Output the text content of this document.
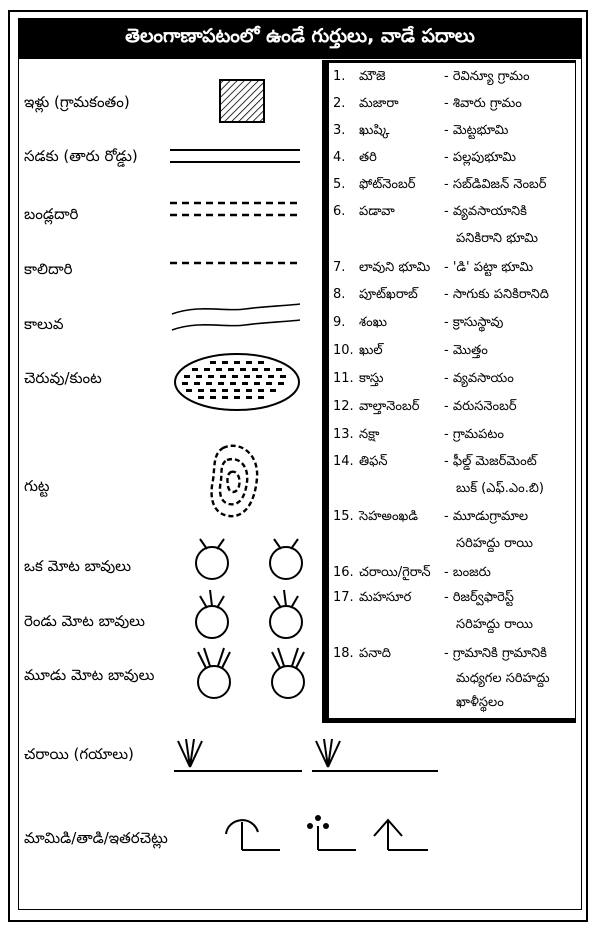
తెలంగాణాపటంలో ఉండే గుర్తులు, వాడే పదాలు
ఇళ్లు (గ్రామకంతం)
సడకు (తారు రోడ్డు)
బండ్లదారి
కాలిదారి
కాలువ
చెరువు/కుంట
గుట్ట
ఒక మోట బావులు
రెండు మోట బావులు
మూడు మోట బావులు
చరాయి (గయాలు)
మామిడి/తాడి/ఇతరచెట్లు
1. మౌజె	- రెవిన్యూ గ్రామం
2. మజారా	- శివారు గ్రామం
3. ఖుష్కి	- మెట్టభూమి
4. తరి	- పల్లపుభూమి
5. ఫోట్‌నెంబర్ - సబ్‌డివిజన్ నెంబర్
6. పడావా	- వ్యవసాయానికి
పనికిరాని భూమి
7. లావుని భూమి - 'డి' పట్టా భూమి
8. పూట్‌ఖరాబ్ - సాగుకు పనికిరానిది
9. శంఖు	- క్రాసుస్థావు
10. ఖుల్	- మొత్తం
11. కాస్తు	- వ్యవసాయం
12. వాల్తానెంబర్ - వరుసనెంబర్
13. నక్షా	- గ్రామపటం
14. తిఫన్	- ఫీల్డ్ మెజర్‌మెంట్
బుక్ (ఎఫ్.ఎం.బి)
15. సెహఅంఖడి - మూడుగ్రామాల
సరిహద్దు రాయి
16. చరాయి/గైరాన్ - బంజరు
17. మహసూర	- రిజర్వ్‌ఫారెస్ట్
సరిహద్దు రాయి
18. పనాది	- గ్రామానికి గ్రామానికి
మధ్యగల సరిహద్దు
ఖాళీస్థలం
